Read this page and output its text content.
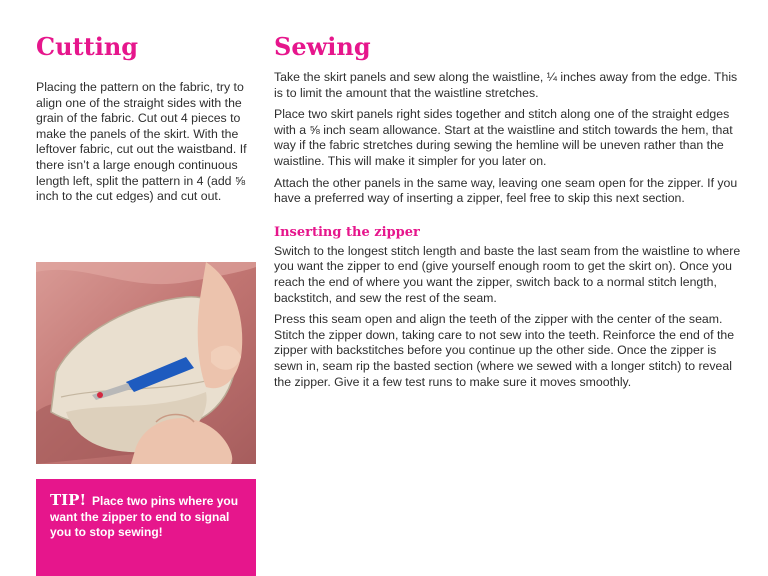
Cutting	Sewing

Placing the pattern on the fabric, try to align one of the straight sides with the grain of the fabric. Cut out 4 pieces to make the panels of the skirt. With the leftover fabric, cut out the waistband. If there isn’t a large enough continuous length left, split the pattern in 4 (add ⅝ inch to the cut edges) and cut out.

Take the skirt panels and sew along the waistline, ¼ inches away from the edge. This is to limit the amount that the waistline stretches.

Place two skirt panels right sides together and stitch along one of the straight edges with a ⅝ inch seam allowance. Start at the waistline and stitch towards the hem, that way if the fabric stretches during sewing the hemline will be uneven rather than the waistline. This will make it simpler for you later on.

Attach the other panels in the same way, leaving one seam open for the zipper. If you have a preferred way of inserting a zipper, feel free to skip this next section.

Inserting the zipper

Switch to the longest stitch length and baste the last seam from the waistline to where you want the zipper to end (give yourself enough room to get the skirt on). Once you reach the end of where you want the zipper, switch back to a normal stitch length, backstitch, and sew the rest of the seam.

Press this seam open and align the teeth of the zipper with the center of the seam. Stitch the zipper down, taking care to not sew into the teeth. Reinforce the end of the zipper with backstitches before you continue up the other side. Once the zipper is sewn in, seam rip the basted section (where we sewed with a longer stitch) to reveal the zipper. Give it a few test runs to make sure it moves smoothly.

TIP! Place two pins where you want the zipper to end to signal you to stop sewing!
